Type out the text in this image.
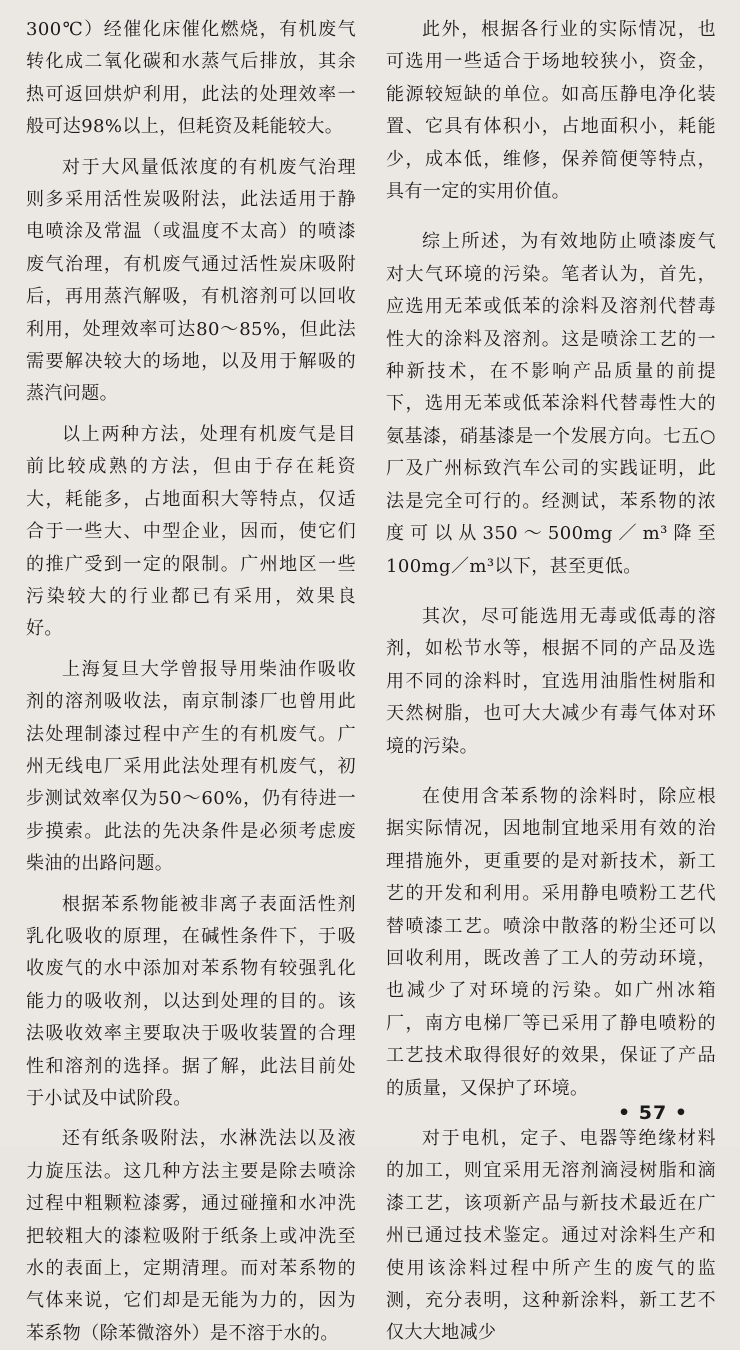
300℃）经催化床催化燃烧，有机废气转化成二氧化碳和水蒸气后排放，其余热可返回烘炉利用，此法的处理效率一般可达98%以上，但耗资及耗能较大。

对于大风量低浓度的有机废气治理则多采用活性炭吸附法，此法适用于静电喷涂及常温（或温度不太高）的喷漆废气治理，有机废气通过活性炭床吸附后，再用蒸汽解吸，有机溶剂可以回收利用，处理效率可达80～85%，但此法需要解决较大的场地，以及用于解吸的蒸汽问题。

以上两种方法，处理有机废气是目前比较成熟的方法，但由于存在耗资大，耗能多，占地面积大等特点，仅适合于一些大、中型企业，因而，使它们的推广受到一定的限制。广州地区一些污染较大的行业都已有采用，效果良好。

上海复旦大学曾报导用柴油作吸收剂的溶剂吸收法，南京制漆厂也曾用此法处理制漆过程中产生的有机废气。广州无线电厂采用此法处理有机废气，初步测试效率仅为50～60%，仍有待进一步摸索。此法的先决条件是必须考虑废柴油的出路问题。

根据苯系物能被非离子表面活性剂乳化吸收的原理，在碱性条件下，于吸收废气的水中添加对苯系物有较强乳化能力的吸收剂，以达到处理的目的。该法吸收效率主要取决于吸收装置的合理性和溶剂的选择。据了解，此法目前处于小试及中试阶段。

还有纸条吸附法，水淋洗法以及液力旋压法。这几种方法主要是除去喷涂过程中粗颗粒漆雾，通过碰撞和水冲洗把较粗大的漆粒吸附于纸条上或冲洗至水的表面上，定期清理。而对苯系物的气体来说，它们却是无能为力的，因为苯系物（除苯微溶外）是不溶于水的。

此外，根据各行业的实际情况，也可选用一些适合于场地较狭小，资金，能源较短缺的单位。如高压静电净化装置、它具有体积小，占地面积小，耗能少，成本低，维修，保养简便等特点，具有一定的实用价值。

综上所述，为有效地防止喷漆废气对大气环境的污染。笔者认为，首先，应选用无苯或低苯的涂料及溶剂代替毒性大的涂料及溶剂。这是喷涂工艺的一种新技术，在不影响产品质量的前提下，选用无苯或低苯涂料代替毒性大的氨基漆，硝基漆是一个发展方向。七五○厂及广州标致汽车公司的实践证明，此法是完全可行的。经测试，苯系物的浓度可以从350～500mg／m³降至100mg／m³以下，甚至更低。

其次，尽可能选用无毒或低毒的溶剂，如松节水等，根据不同的产品及选用不同的涂料时，宜选用油脂性树脂和天然树脂，也可大大减少有毒气体对环境的污染。

在使用含苯系物的涂料时，除应根据实际情况，因地制宜地采用有效的治理措施外，更重要的是对新技术，新工艺的开发和利用。采用静电喷粉工艺代替喷漆工艺。喷涂中散落的粉尘还可以回收利用，既改善了工人的劳动环境，也减少了对环境的污染。如广州冰箱厂，南方电梯厂等已采用了静电喷粉的工艺技术取得很好的效果，保证了产品的质量，又保护了环境。

对于电机，定子、电器等绝缘材料的加工，则宜采用无溶剂滴浸树脂和滴漆工艺，该项新产品与新技术最近在广州已通过技术鉴定。通过对涂料生产和使用该涂料过程中所产生的废气的监测，充分表明，这种新涂料，新工艺不仅大大地减少

• 57 •
